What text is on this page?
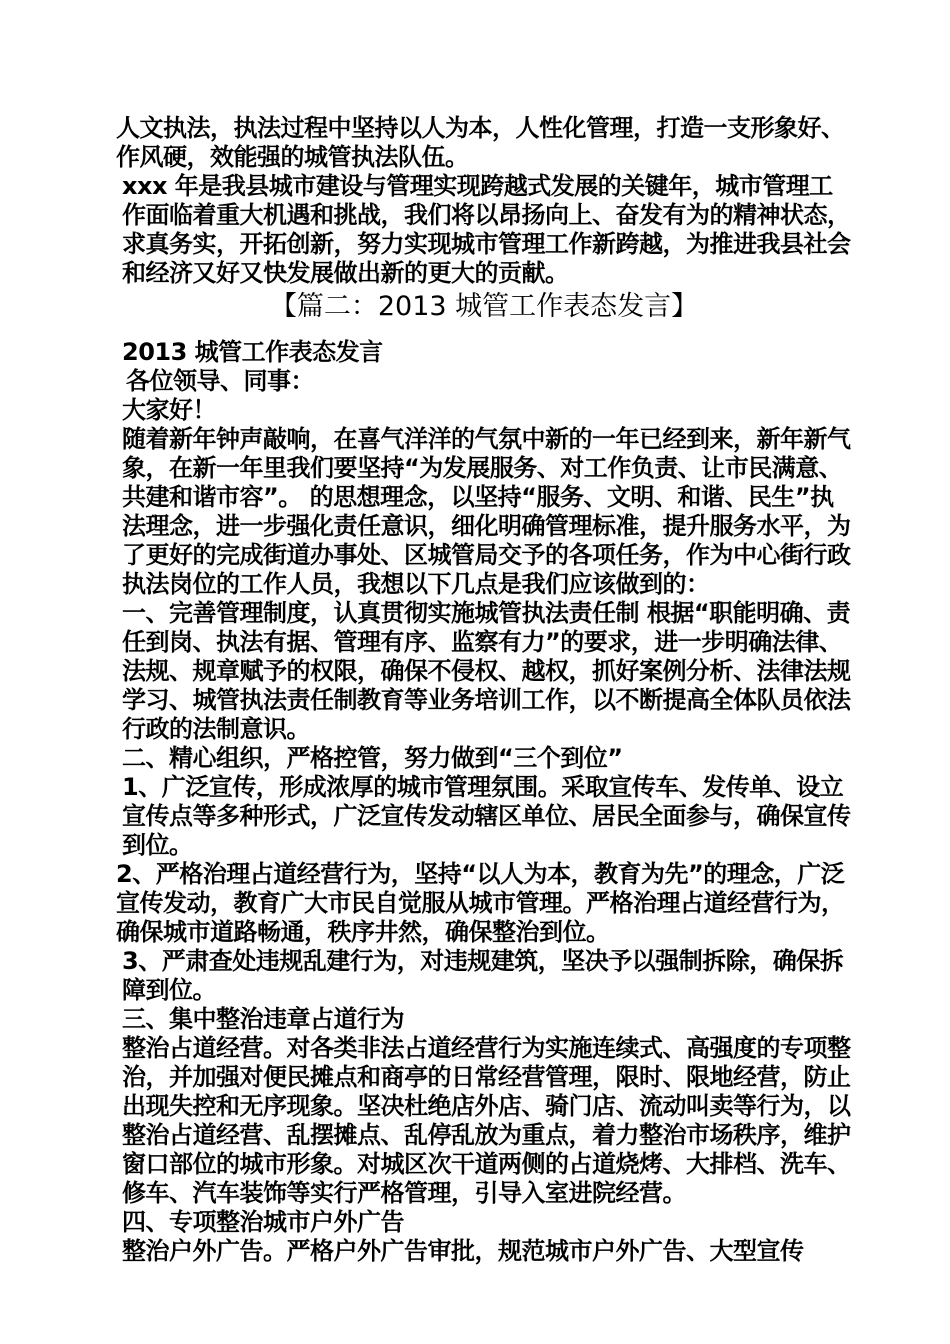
人文执法，执法过程中坚持以人为本，人性化管理，打造一支形象好、作风硬，效能强的城管执法队伍。

xxx 年是我县城市建设与管理实现跨越式发展的关键年，城市管理工作面临着重大机遇和挑战，我们将以昂扬向上、奋发有为的精神状态，求真务实，开拓创新，努力实现城市管理工作新跨越，为推进我县社会和经济又好又快发展做出新的更大的贡献。

【篇二：2013 城管工作表态发言】

2013 城管工作表态发言

各位领导、同事：

大家好！

随着新年钟声敲响，在喜气洋洋的气氛中新的一年已经到来，新年新气象，在新一年里我们要坚持“为发展服务、对工作负责、让市民满意、共建和谐市容”。 的思想理念，以坚持“服务、文明、和谐、民生”执法理念，进一步强化责任意识，细化明确管理标准，提升服务水平，为了更好的完成街道办事处、区城管局交予的各项任务，作为中心街行政执法岗位的工作人员，我想以下几点是我们应该做到的：

一、完善管理制度，认真贯彻实施城管执法责任制 根据“职能明确、责任到岗、执法有据、管理有序、监察有力”的要求，进一步明确法律、法规、规章赋予的权限，确保不侵权、越权，抓好案例分析、法律法规学习、城管执法责任制教育等业务培训工作，以不断提高全体队员依法行政的法制意识。

二、精心组织，严格控管，努力做到“三个到位”

1、广泛宣传，形成浓厚的城市管理氛围。采取宣传车、发传单、设立宣传点等多种形式，广泛宣传发动辖区单位、居民全面参与，确保宣传到位。

2、严格治理占道经营行为，坚持“以人为本，教育为先”的理念，广泛宣传发动，教育广大市民自觉服从城市管理。严格治理占道经营行为，确保城市道路畅通，秩序井然，确保整治到位。

3、严肃查处违规乱建行为，对违规建筑，坚决予以强制拆除，确保拆障到位。

三、集中整治违章占道行为

整治占道经营。对各类非法占道经营行为实施连续式、高强度的专项整治，并加强对便民摊点和商亭的日常经营管理，限时、限地经营，防止出现失控和无序现象。坚决杜绝店外店、骑门店、流动叫卖等行为，以整治占道经营、乱摆摊点、乱停乱放为重点，着力整治市场秩序，维护窗口部位的城市形象。对城区次干道两侧的占道烧烤、大排档、洗车、修车、汽车装饰等实行严格管理，引导入室进院经营。

四、专项整治城市户外广告

整治户外广告。严格户外广告审批，规范城市户外广告、大型宣传
